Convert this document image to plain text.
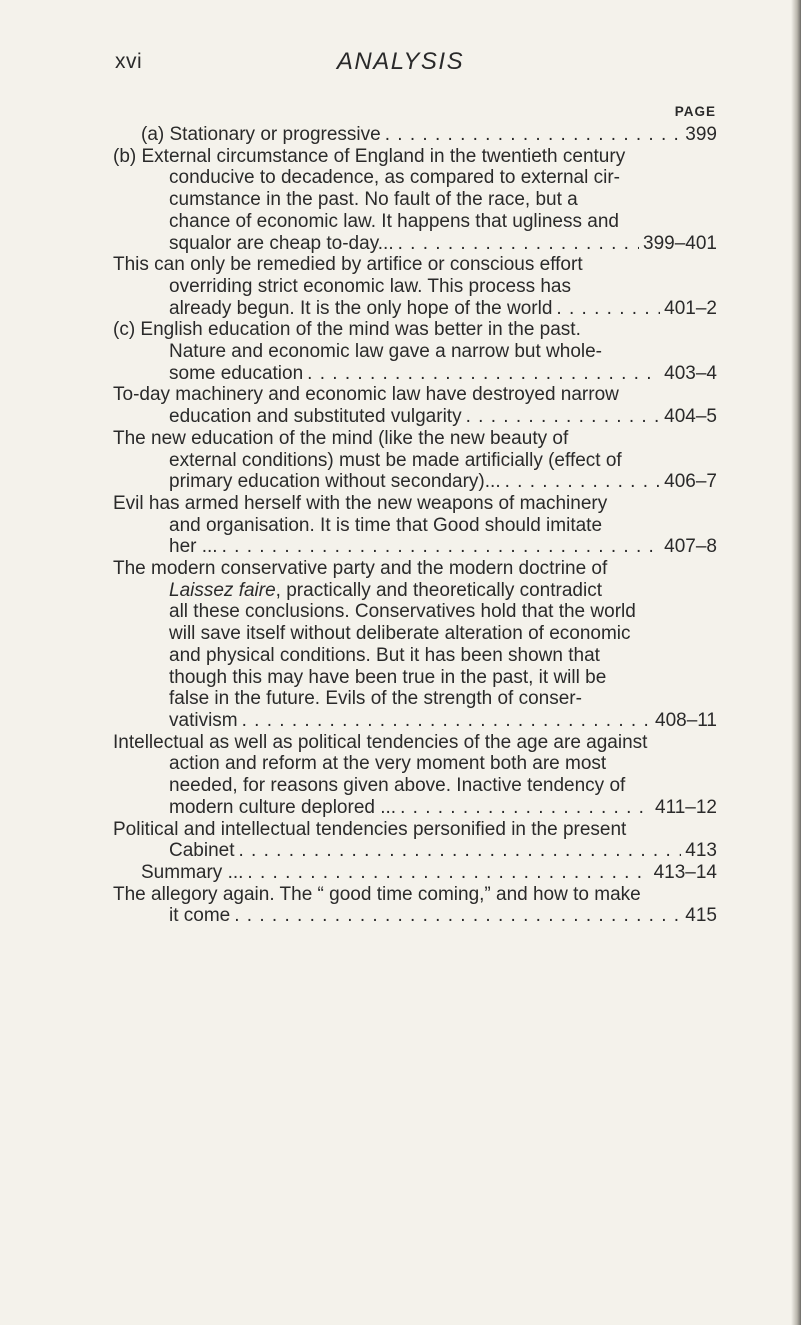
xvi	ANALYSIS
PAGE
(a) Stationary or progressive . . .	399
(b) External circumstance of England in the twentieth century
conducive to decadence, as compared to external cir-
cumstance in the past. No fault of the race, but a
chance of economic law. It happens that ugliness and
squalor are cheap to-day... . . .	399–401
This can only be remedied by artifice or conscious effort
overriding strict economic law. This process has
already begun. It is the only hope of the world . . .	401–2
(c) English education of the mind was better in the past.
Nature and economic law gave a narrow but whole-
some education . . .	403–4
To-day machinery and economic law have destroyed narrow
education and substituted vulgarity . . .	404–5
The new education of the mind (like the new beauty of
external conditions) must be made artificially (effect of
primary education without secondary)... . . .	406–7
Evil has armed herself with the new weapons of machinery
and organisation. It is time that Good should imitate
her ... . . .	407–8
The modern conservative party and the modern doctrine of
Laissez faire, practically and theoretically contradict
all these conclusions. Conservatives hold that the world
will save itself without deliberate alteration of economic
and physical conditions. But it has been shown that
though this may have been true in the past, it will be
false in the future. Evils of the strength of conser-
vativism . . .	408–11
Intellectual as well as political tendencies of the age are against
action and reform at the very moment both are most
needed, for reasons given above. Inactive tendency of
modern culture deplored ... . . .	411–12
Political and intellectual tendencies personified in the present
Cabinet . . .	413
Summary ... . . .	413–14
The allegory again. The “ good time coming,” and how to make
it come . . .	415
